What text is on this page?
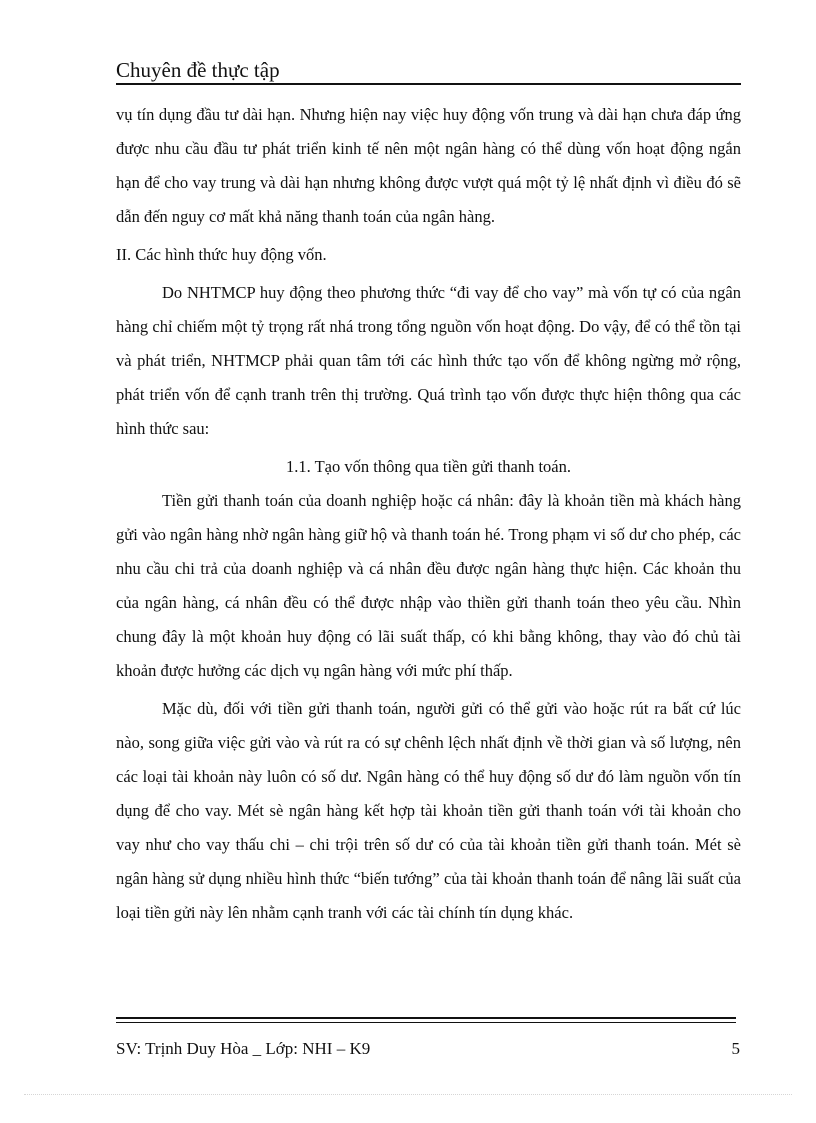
Chuyên đề thực tập

vụ tín dụng đầu tư dài hạn. Nhưng hiện nay việc huy động vốn trung và dài hạn chưa đáp ứng được nhu cầu đầu tư phát triển kinh tế nên một ngân hàng có thể dùng vốn hoạt động ngắn hạn để cho vay trung và dài hạn nhưng không được vượt quá một tỷ lệ nhất định vì điều đó sẽ dẫn đến nguy cơ mất khả năng thanh toán của ngân hàng.

II. Các hình thức huy động vốn.

Do NHTMCP huy động theo phương thức “đi vay để cho vay” mà vốn tự có của ngân hàng chỉ chiếm một tỷ trọng rất nhá trong tổng nguồn vốn hoạt động. Do vậy, để có thể tồn tại và phát triển, NHTMCP phải quan tâm tới các hình thức tạo vốn để không ngừng mở rộng, phát triển vốn để cạnh tranh trên thị trường. Quá trình tạo vốn được thực hiện thông qua các hình thức sau:

1.1. Tạo vốn thông qua tiền gửi thanh toán.

Tiền gửi thanh toán của doanh nghiệp hoặc cá nhân: đây là khoản tiền mà khách hàng gửi vào ngân hàng nhờ ngân hàng giữ hộ và thanh toán hé. Trong phạm vi số dư cho phép, các nhu cầu chi trả của doanh nghiệp và cá nhân đều được ngân hàng thực hiện. Các khoản thu của ngân hàng, cá nhân đều có thể được nhập vào thiền gửi thanh toán theo yêu cầu. Nhìn chung đây là một khoản huy động có lãi suất thấp, có khi bằng không, thay vào đó chủ tài khoản được hưởng các dịch vụ ngân hàng với mức phí thấp.

Mặc dù, đối với tiền gửi thanh toán, người gửi có thể gửi vào hoặc rút ra bất cứ lúc nào, song giữa việc gửi vào và rút ra có sự chênh lệch nhất định về thời gian và số lượng, nên các loại tài khoản này luôn có số dư. Ngân hàng có thể huy động số dư đó làm nguồn vốn tín dụng để cho vay. Mét sè ngân hàng kết hợp tài khoản tiền gửi thanh toán với tài khoản cho vay như cho vay thấu chi – chi trội trên số dư có của tài khoản tiền gửi thanh toán. Mét sè ngân hàng sử dụng nhiều hình thức “biến tướng” của tài khoản thanh toán để nâng lãi suất của loại tiền gửi này lên nhằm cạnh tranh với các tài chính tín dụng khác.

SV: Trịnh Duy Hòa _ Lớp: NHI – K9	5
